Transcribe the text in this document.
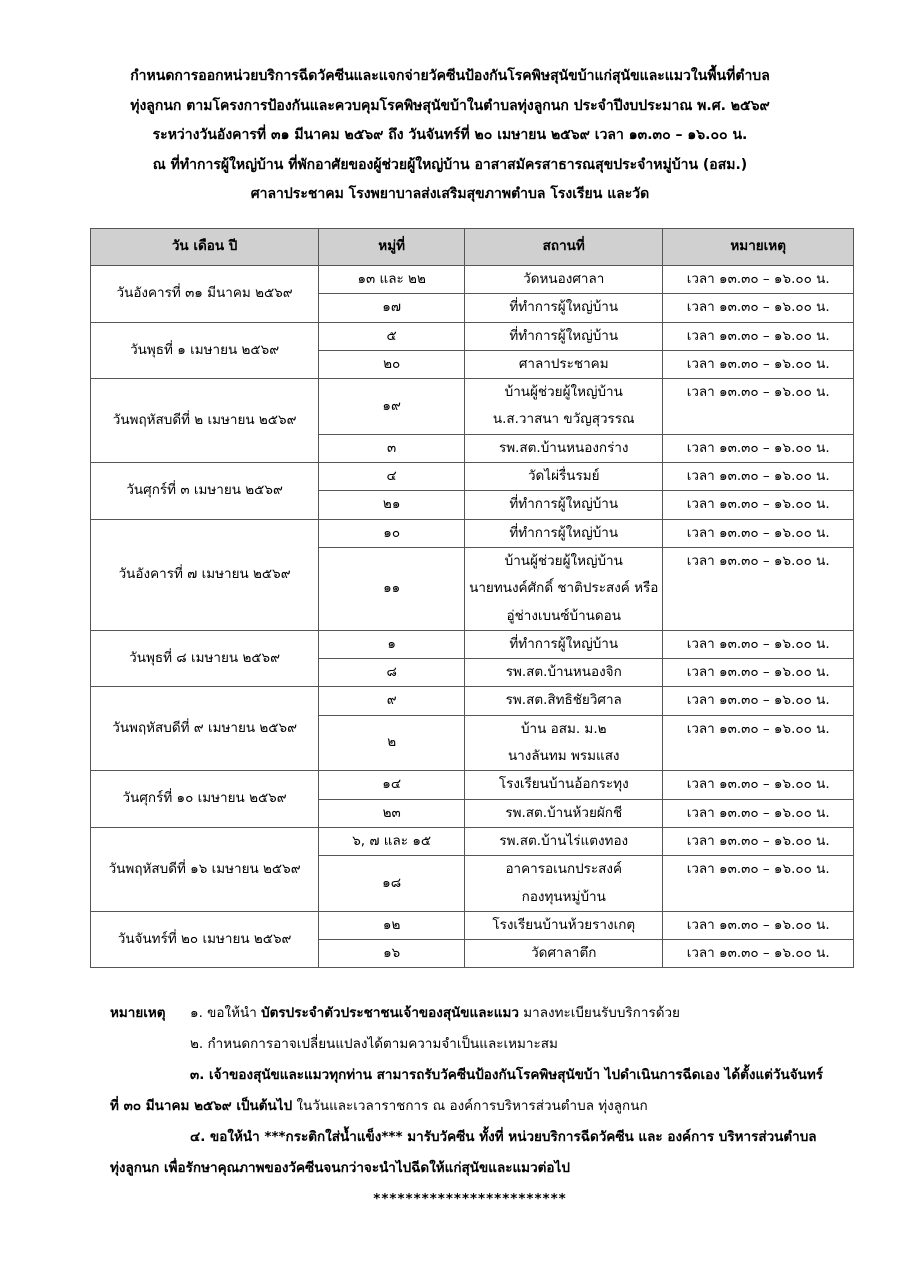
กำหนดการออกหน่วยบริการฉีดวัคซีนและแจกจ่ายวัคซีนป้องกันโรคพิษสุนัขบ้าแก่สุนัขและแมวในพื้นที่ตำบล
ทุ่งลูกนก ตามโครงการป้องกันและควบคุมโรคพิษสุนัขบ้าในตำบลทุ่งลูกนก ประจำปีงบประมาณ พ.ศ. ๒๕๖๙
ระหว่างวันอังคารที่ ๓๑ มีนาคม ๒๕๖๙ ถึง วันจันทร์ที่ ๒๐ เมษายน ๒๕๖๙ เวลา ๑๓.๓๐ – ๑๖.๐๐ น.
ณ ที่ทำการผู้ใหญ่บ้าน ที่พักอาศัยของผู้ช่วยผู้ใหญ่บ้าน อาสาสมัครสาธารณสุขประจำหมู่บ้าน (อสม.)
ศาลาประชาคม โรงพยาบาลส่งเสริมสุขภาพตำบล โรงเรียน และวัด
วัน เดือน ปี	หมู่ที่	สถานที่	หมายเหตุ
วันอังคารที่ ๓๑ มีนาคม ๒๕๖๙	๑๓ และ ๒๒	วัดหนองศาลา	เวลา ๑๓.๓๐ – ๑๖.๐๐ น.
	๑๗	ที่ทำการผู้ใหญ่บ้าน	เวลา ๑๓.๓๐ – ๑๖.๐๐ น.
วันพุธที่ ๑ เมษายน ๒๕๖๙	๕	ที่ทำการผู้ใหญ่บ้าน	เวลา ๑๓.๓๐ – ๑๖.๐๐ น.
	๒๐	ศาลาประชาคม	เวลา ๑๓.๓๐ – ๑๖.๐๐ น.
วันพฤหัสบดีที่ ๒ เมษายน ๒๕๖๙	๑๙	บ้านผู้ช่วยผู้ใหญ่บ้าน
น.ส.วาสนา ขวัญสุวรรณ	เวลา ๑๓.๓๐ – ๑๖.๐๐ น.
	๓	รพ.สต.บ้านหนองกร่าง	เวลา ๑๓.๓๐ – ๑๖.๐๐ น.
วันศุกร์ที่ ๓ เมษายน ๒๕๖๙	๔	วัดไผ่รื่นรมย์	เวลา ๑๓.๓๐ – ๑๖.๐๐ น.
	๒๑	ที่ทำการผู้ใหญ่บ้าน	เวลา ๑๓.๓๐ – ๑๖.๐๐ น.
วันอังคารที่ ๗ เมษายน ๒๕๖๙	๑๐	ที่ทำการผู้ใหญ่บ้าน	เวลา ๑๓.๓๐ – ๑๖.๐๐ น.
	๑๑	บ้านผู้ช่วยผู้ใหญ่บ้าน
นายทนงค์ศักดิ์ ชาติประสงค์ หรือ
อู่ช่างเบนซ์บ้านดอน	เวลา ๑๓.๓๐ – ๑๖.๐๐ น.
วันพุธที่ ๘ เมษายน ๒๕๖๙	๑	ที่ทำการผู้ใหญ่บ้าน	เวลา ๑๓.๓๐ – ๑๖.๐๐ น.
	๘	รพ.สต.บ้านหนองจิก	เวลา ๑๓.๓๐ – ๑๖.๐๐ น.
วันพฤหัสบดีที่ ๙ เมษายน ๒๕๖๙	๙	รพ.สต.สิทธิชัยวิศาล	เวลา ๑๓.๓๐ – ๑๖.๐๐ น.
	๒	บ้าน อสม. ม.๒
นางลันทม พรมแสง	เวลา ๑๓.๓๐ – ๑๖.๐๐ น.
วันศุกร์ที่ ๑๐ เมษายน ๒๕๖๙	๑๔	โรงเรียนบ้านอ้อกระทุง	เวลา ๑๓.๓๐ – ๑๖.๐๐ น.
	๒๓	รพ.สต.บ้านห้วยผักชี	เวลา ๑๓.๓๐ – ๑๖.๐๐ น.
วันพฤหัสบดีที่ ๑๖ เมษายน ๒๕๖๙	๖, ๗ และ ๑๕	รพ.สต.บ้านไร่แตงทอง	เวลา ๑๓.๓๐ – ๑๖.๐๐ น.
	๑๘	อาคารอเนกประสงค์
กองทุนหมู่บ้าน	เวลา ๑๓.๓๐ – ๑๖.๐๐ น.
วันจันทร์ที่ ๒๐ เมษายน ๒๕๖๙	๑๒	โรงเรียนบ้านห้วยรางเกตุ	เวลา ๑๓.๓๐ – ๑๖.๐๐ น.
	๑๖	วัดศาลาตึก	เวลา ๑๓.๓๐ – ๑๖.๐๐ น.

หมายเหตุ ๑. ขอให้นำ บัตรประจำตัวประชาชนเจ้าของสุนัขและแมว มาลงทะเบียนรับบริการด้วย

๒. กำหนดการอาจเปลี่ยนแปลงได้ตามความจำเป็นและเหมาะสม

๓. เจ้าของสุนัขและแมวทุกท่าน สามารถรับวัคซีนป้องกันโรคพิษสุนัขบ้า ไปดำเนินการฉีดเอง ได้ตั้งแต่วันจันทร์ที่ ๓๐ มีนาคม ๒๕๖๙ เป็นต้นไป ในวันและเวลาราชการ ณ องค์การบริหารส่วนตำบล ทุ่งลูกนก

๔. ขอให้นำ ***กระติกใส่น้ำแข็ง*** มารับวัคซีน ทั้งที่ หน่วยบริการฉีดวัคซีน และ องค์การ บริหารส่วนตำบลทุ่งลูกนก เพื่อรักษาคุณภาพของวัคซีนจนกว่าจะนำไปฉีดให้แก่สุนัขและแมวต่อไป

************************
